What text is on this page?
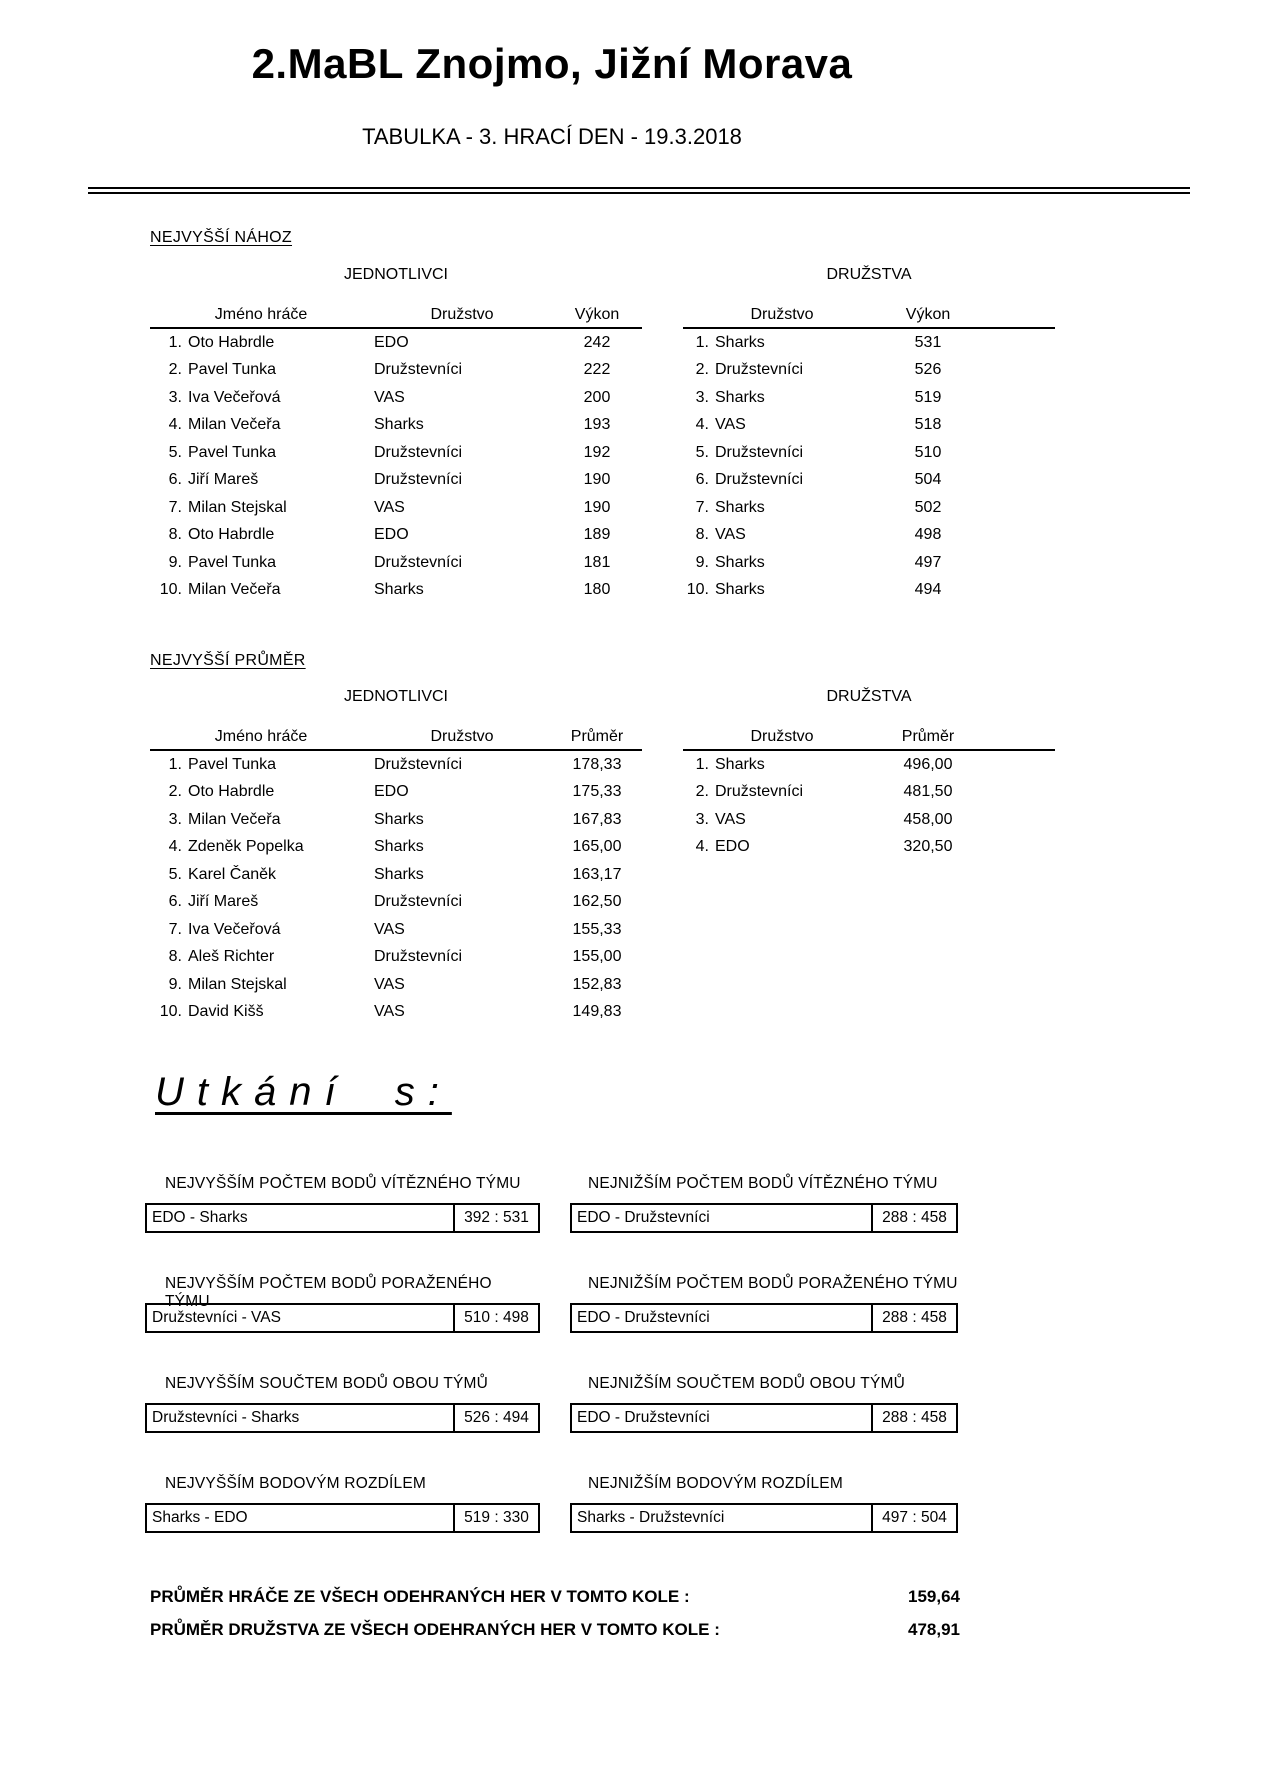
2.MaBL Znojmo, Jižní Morava
TABULKA - 3. HRACÍ DEN - 19.3.2018
NEJVYŠŠÍ NÁHOZ
JEDNOTLIVCI
Jméno hráče	Družstvo	Výkon
1. Oto Habrdle	EDO	242
2. Pavel Tunka	Družstevníci	222
3. Iva Večeřová	VAS	200
4. Milan Večeřa	Sharks	193
5. Pavel Tunka	Družstevníci	192
6. Jiří Mareš	Družstevníci	190
7. Milan Stejskal	VAS	190
8. Oto Habrdle	EDO	189
9. Pavel Tunka	Družstevníci	181
10. Milan Večeřa	Sharks	180
DRUŽSTVA
Družstvo	Výkon
1. Sharks	531
2. Družstevníci	526
3. Sharks	519
4. VAS	518
5. Družstevníci	510
6. Družstevníci	504
7. Sharks	502
8. VAS	498
9. Sharks	497
10. Sharks	494
NEJVYŠŠÍ PRŮMĚR
JEDNOTLIVCI
Jméno hráče	Družstvo	Průměr
1. Pavel Tunka	Družstevníci	178,33
2. Oto Habrdle	EDO	175,33
3. Milan Večeřa	Sharks	167,83
4. Zdeněk Popelka	Sharks	165,00
5. Karel Čaněk	Sharks	163,17
6. Jiří Mareš	Družstevníci	162,50
7. Iva Večeřová	VAS	155,33
8. Aleš Richter	Družstevníci	155,00
9. Milan Stejskal	VAS	152,83
10. David Kišš	VAS	149,83
DRUŽSTVA
Družstvo	Průměr
1. Sharks	496,00
2. Družstevníci	481,50
3. VAS	458,00
4. EDO	320,50
Utkání s:
NEJVYŠŠÍM POČTEM BODŮ VÍTĚZNÉHO TÝMU
EDO - Sharks	392 : 531
NEJNIŽŠÍM POČTEM BODŮ VÍTĚZNÉHO TÝMU
EDO - Družstevníci	288 : 458
NEJVYŠŠÍM POČTEM BODŮ PORAŽENÉHO TÝMU
Družstevníci - VAS	510 : 498
NEJNIŽŠÍM POČTEM BODŮ PORAŽENÉHO TÝMU
EDO - Družstevníci	288 : 458
NEJVYŠŠÍM SOUČTEM BODŮ OBOU TÝMŮ
Družstevníci - Sharks	526 : 494
NEJNIŽŠÍM SOUČTEM BODŮ OBOU TÝMŮ
EDO - Družstevníci	288 : 458
NEJVYŠŠÍM BODOVÝM ROZDÍLEM
Sharks - EDO	519 : 330
NEJNIŽŠÍM BODOVÝM ROZDÍLEM
Sharks - Družstevníci	497 : 504
PRŮMĚR HRÁČE ZE VŠECH ODEHRANÝCH HER V TOMTO KOLE :	159,64
PRŮMĚR DRUŽSTVA ZE VŠECH ODEHRANÝCH HER V TOMTO KOLE :	478,91
